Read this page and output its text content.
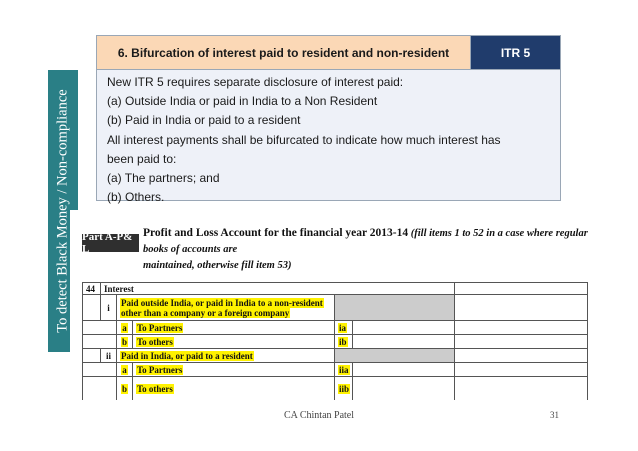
To detect Black Money / Non-compliance
6. Bifurcation of interest paid to resident and non-resident	ITR 5
New ITR 5 requires separate disclosure of interest paid:
(a) Outside India or paid in India to a Non Resident
(b) Paid in India or paid to a resident
All interest payments shall be bifurcated to indicate how much interest has
been paid to:
(a) The partners; and
(b) Others.
Part A-P& L
Profit and Loss Account for the financial year 2013-14 (fill items 1 to 52 in a case where regular books of accounts are
maintained, otherwise fill item 53)
44	Interest
i	Paid outside India, or paid in India to a non-resident
other than a company or a foreign company
a To Partners	ia
b To others	ib
ii	Paid in India, or paid to a resident
a To Partners	iia
b To others	iib
CA Chintan Patel	31
